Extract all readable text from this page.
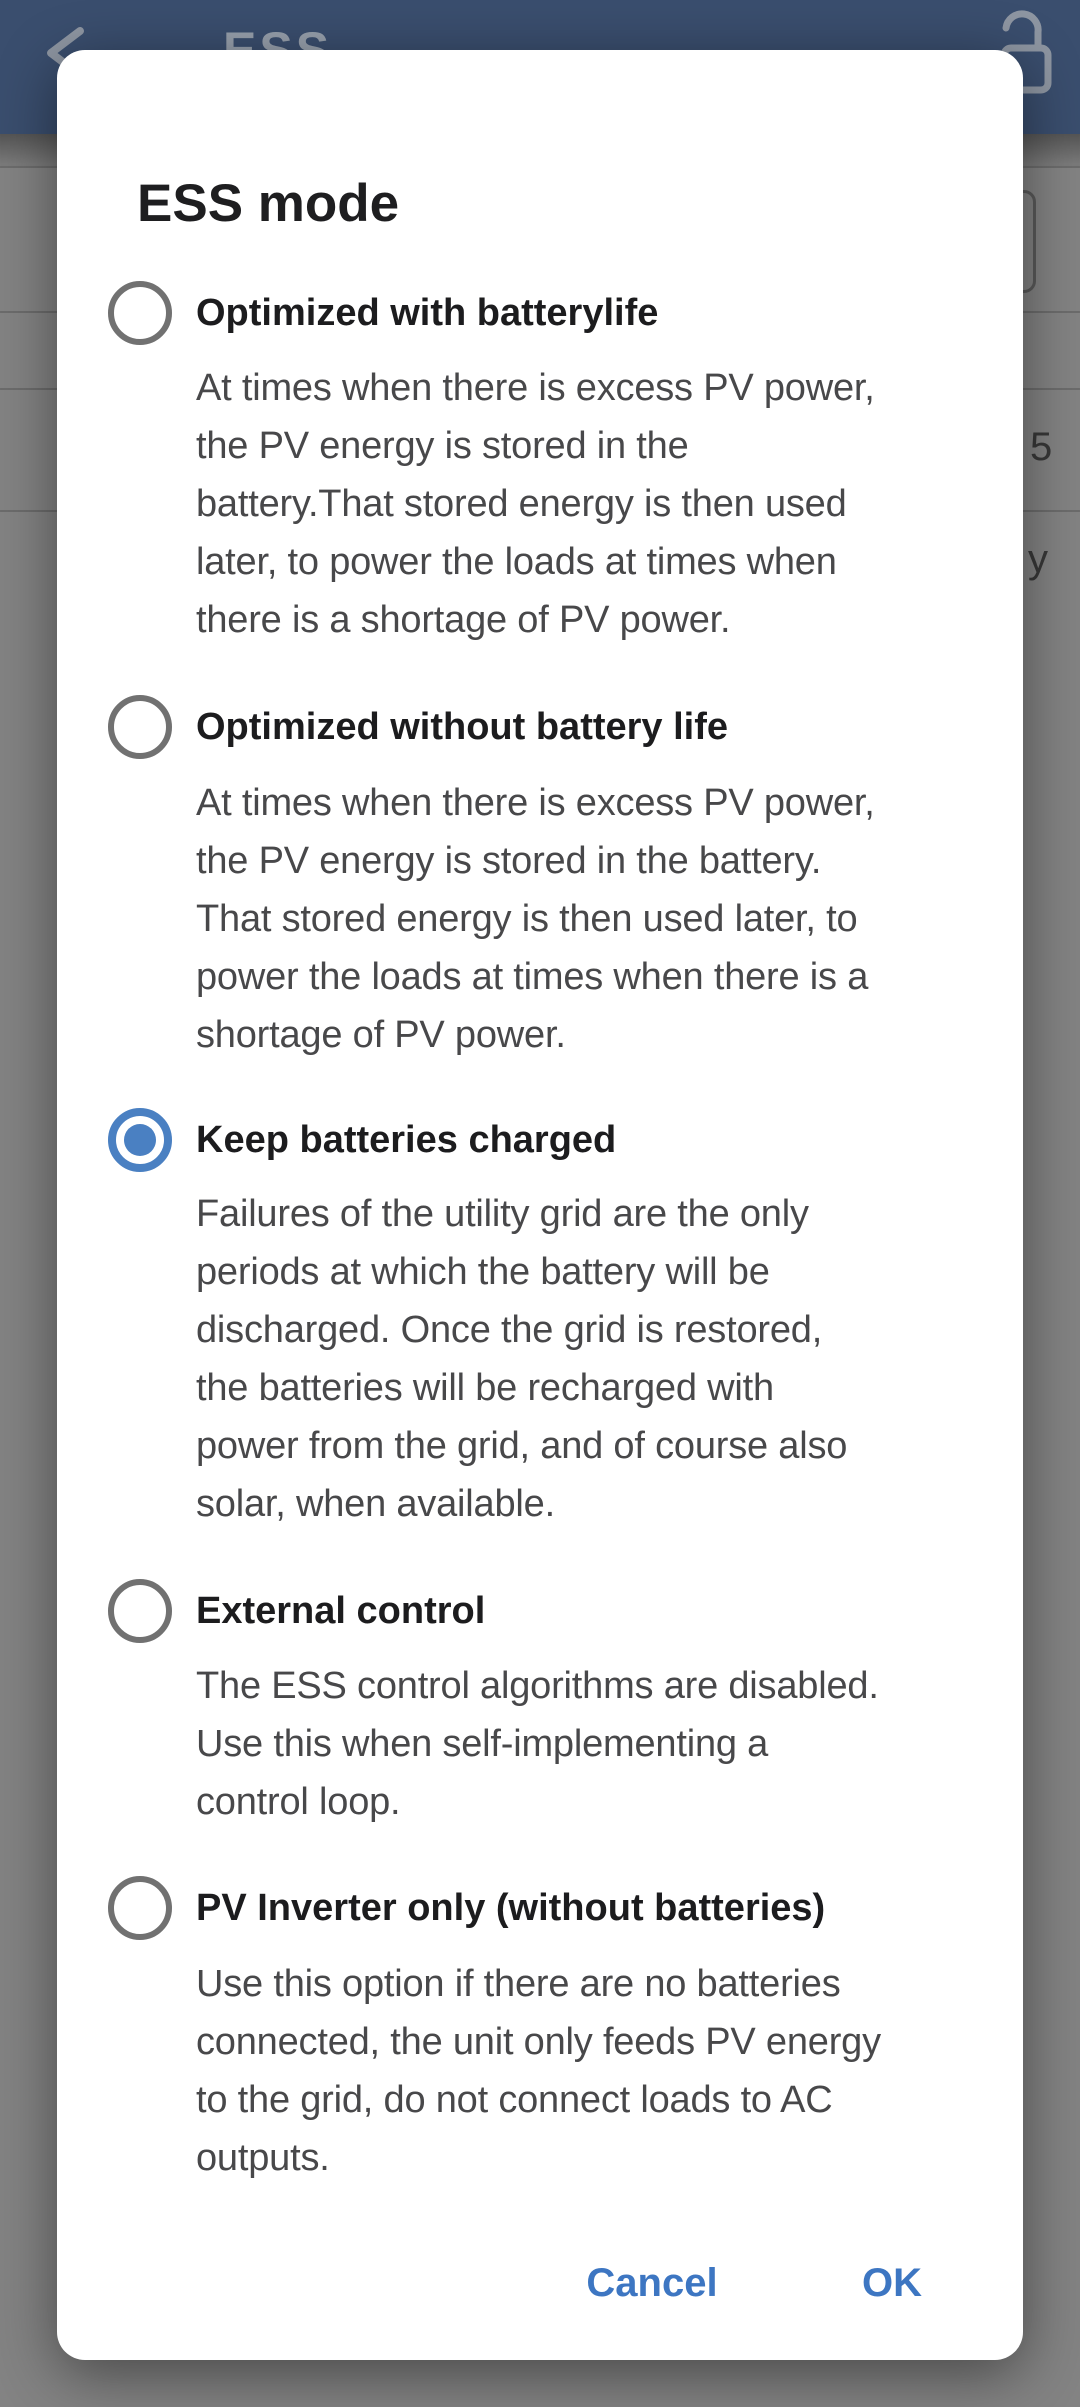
5
y
ESS mode
Optimized with batterylife
At times when there is excess PV power,
the PV energy is stored in the
battery.That stored energy is then used
later, to power the loads at times when
there is a shortage of PV power.
Optimized without battery life
At times when there is excess PV power,
the PV energy is stored in the battery.
That stored energy is then used later, to
power the loads at times when there is a
shortage of PV power.
Keep batteries charged
Failures of the utility grid are the only
periods at which the battery will be
discharged. Once the grid is restored,
the batteries will be recharged with
power from the grid, and of course also
solar, when available.
External control
The ESS control algorithms are disabled.
Use this when self-implementing a
control loop.
PV Inverter only (without batteries)
Use this option if there are no batteries
connected, the unit only feeds PV energy
to the grid, do not connect loads to AC
outputs.
Cancel	OK
